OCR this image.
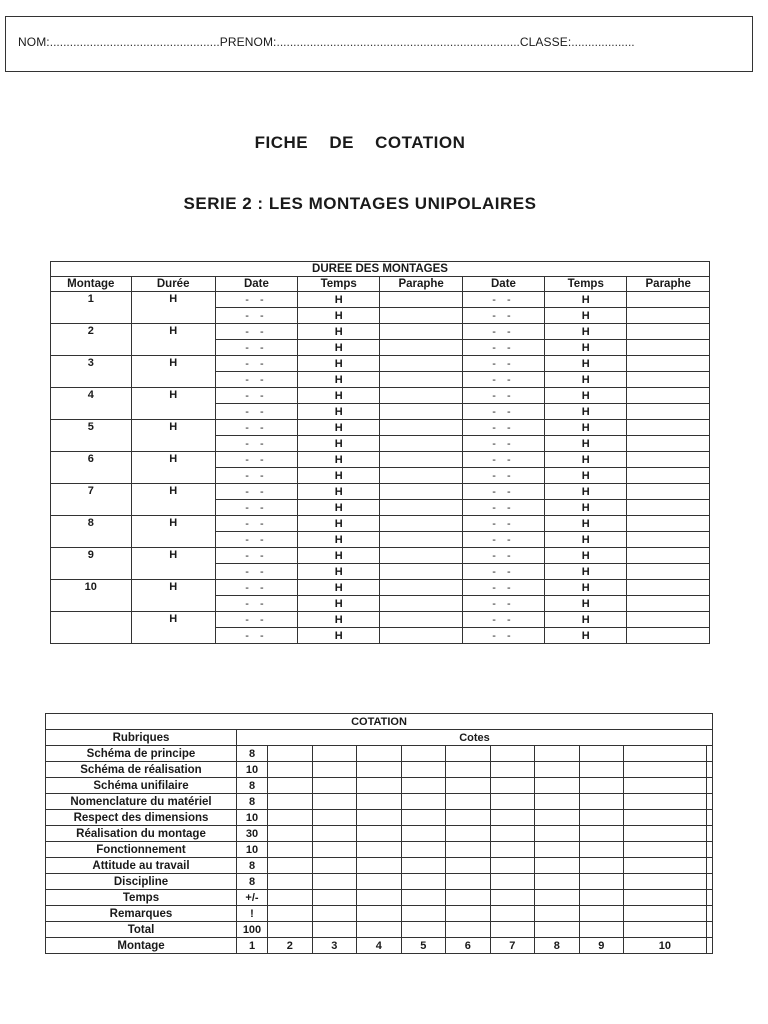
NOM:...................................................PRENOM:.........................................................................CLASSE:...................
FICHE DE COTATION
SERIE 2 : LES MONTAGES UNIPOLAIRES
DUREE DES MONTAGES							
Montage	Durée	Date	Temps	Paraphe	Date	Temps	Paraphe
1	H	- -	H		- -	H	
		- -	H		- -	H	
2	H	- -	H		- -	H	
		- -	H		- -	H	
3	H	- -	H		- -	H	
		- -	H		- -	H	
4	H	- -	H		- -	H	
		- -	H		- -	H	
5	H	- -	H		- -	H	
		- -	H		- -	H	
6	H	- -	H		- -	H	
		- -	H		- -	H	
7	H	- -	H		- -	H	
		- -	H		- -	H	
8	H	- -	H		- -	H	
		- -	H		- -	H	
9	H	- -	H		- -	H	
		- -	H		- -	H	
10	H	- -	H		- -	H	
		- -	H		- -	H	
	H	- -	H		- -	H	
		- -	H		- -	H	
COTATION											
Rubriques	Cotes										
Schéma de principe	8										
Schéma de réalisation	10										
Schéma unifilaire	8										
Nomenclature du matériel	8										
Respect des dimensions	10										
Réalisation du montage	30										
Fonctionnement	10										
Attitude au travail	8										
Discipline	8										
Temps	+/-										
Remarques	!										
Total	100										
Montage	1	2	3	4	5	6	7	8	9	10	
